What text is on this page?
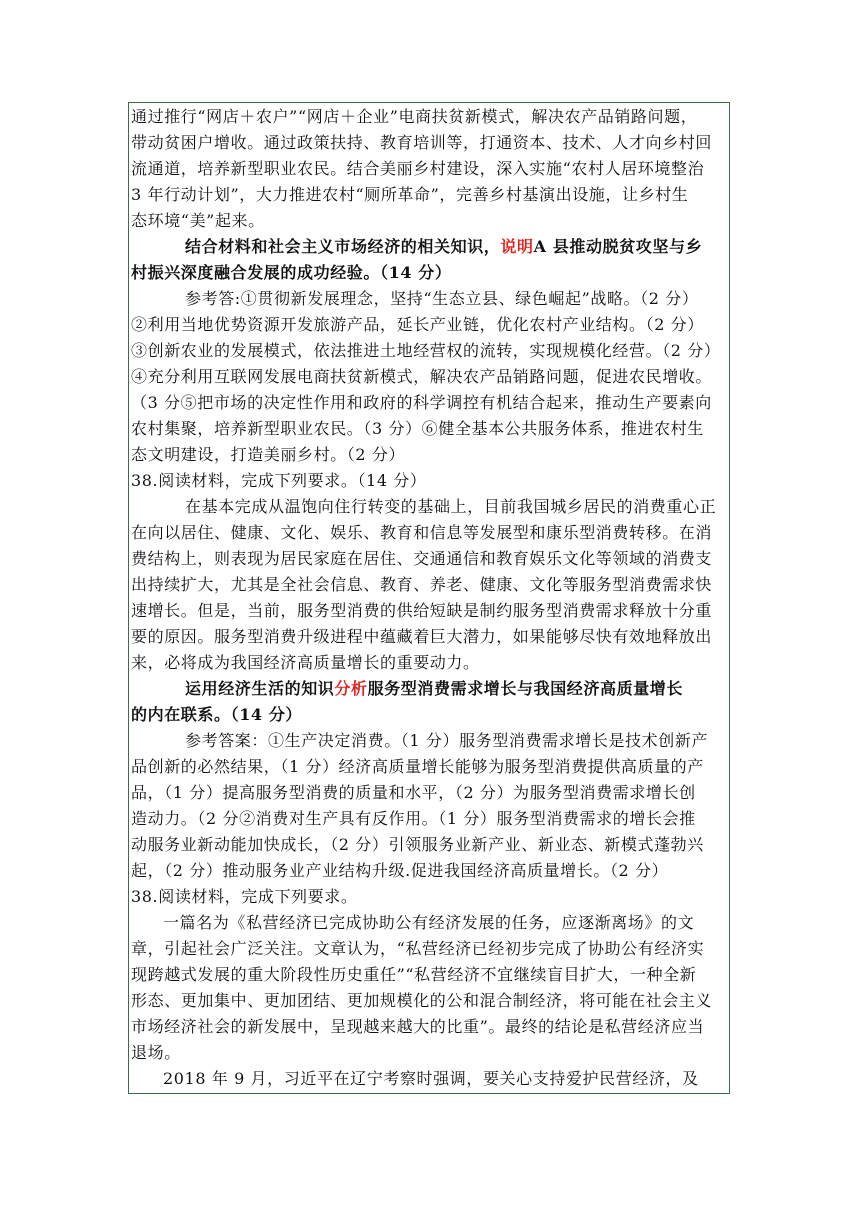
通过推行“网店＋农户”“网店＋企业”电商扶贫新模式，解决农产品销路问题，
带动贫困户增收。通过政策扶持、教育培训等，打通资本、技术、人才向乡村回
流通道，培养新型职业农民。结合美丽乡村建设，深入实施“农村人居环境整治
3 年行动计划”，大力推进农村“厕所革命”，完善乡村基演出设施，让乡村生
态环境“美”起来。
结合材料和社会主义市场经济的相关知识，说明A 县推动脱贫攻坚与乡
村振兴深度融合发展的成功经验。（14 分）
参考答:①贯彻新发展理念，坚持“生态立县、绿色崛起”战略。（2 分）
②利用当地优势资源开发旅游产品，延长产业链，优化农村产业结构。（2 分）
③创新农业的发展模式，依法推进土地经营权的流转，实现规模化经营。（2 分）
④充分利用互联网发展电商扶贫新模式，解决农产品销路问题，促进农民增收。
（3 分⑤把市场的决定性作用和政府的科学调控有机结合起来，推动生产要素向
农村集聚，培养新型职业农民。（3 分）⑥健全基本公共服务体系，推进农村生
态文明建设，打造美丽乡村。（2 分）
38.阅读材料，完成下列要求。（14 分）
在基本完成从温饱向住行转变的基础上，目前我国城乡居民的消费重心正
在向以居住、健康、文化、娱乐、教育和信息等发展型和康乐型消费转移。在消
费结构上，则表现为居民家庭在居住、交通通信和教育娱乐文化等领域的消费支
出持续扩大，尤其是全社会信息、教育、养老、健康、文化等服务型消费需求快
速增长。但是，当前，服务型消费的供给短缺是制约服务型消费需求释放十分重
要的原因。服务型消费升级进程中蕴藏着巨大潜力，如果能够尽快有效地释放出
来，必将成为我国经济高质量增长的重要动力。
运用经济生活的知识分析服务型消费需求增长与我国经济高质量增长
的内在联系。（14 分）
参考答案：①生产决定消费。（1 分）服务型消费需求增长是技术创新产
品创新的必然结果，（1 分）经济高质量增长能够为服务型消费提供高质量的产
品，（1 分）提高服务型消费的质量和水平，（2 分）为服务型消费需求增长创
造动力。（2 分②消费对生产具有反作用。（1 分）服务型消费需求的增长会推
动服务业新动能加快成长，（2 分）引领服务业新产业、新业态、新模式蓬勃兴
起，（2 分）推动服务业产业结构升级.促进我国经济高质量增长。（2 分）
38.阅读材料，完成下列要求。
一篇名为《私营经济已完成协助公有经济发展的任务，应逐渐离场》的文
章，引起社会广泛关注。文章认为，“私营经济已经初步完成了协助公有经济实
现跨越式发展的重大阶段性历史重任”“私营经济不宜继续盲目扩大，一种全新
形态、更加集中、更加团结、更加规模化的公和混合制经济，将可能在社会主义
市场经济社会的新发展中，呈现越来越大的比重”。最终的结论是私营经济应当
退场。
2018 年 9 月，习近平在辽宁考察时强调，要关心支持爱护民营经济，及
